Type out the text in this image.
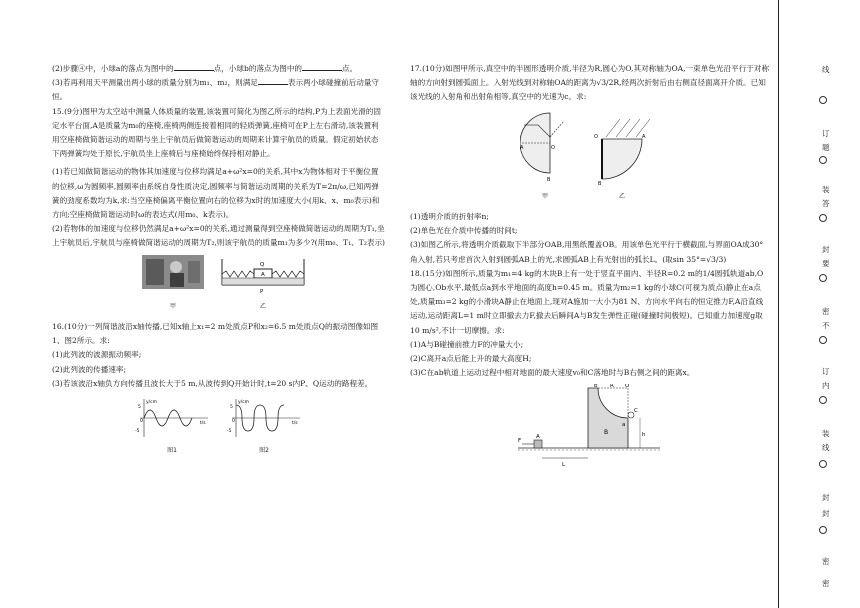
(2)步骤④中，小球a的落点为图中的	点，小球b的落点为图中的	点。

(3)若再利用天平测量出两小球的质量分别为m₁、m₂，则满足	表示两小球碰撞前后动量守恒。

15.(9分)图甲为太空站中测量人体质量的装置,该装置可简化为图乙所示的结构,P为上表面光滑的固定水平台面,A是质量为m₀的座椅,座椅两侧连接着相同的轻质弹簧,座椅可在P上左右滑动,该装置利用空座椅做简谐运动的周期与坐上宇航员后做简谐运动的周期来计算宇航员的质量。假定初始状态下两弹簧均处于原长,宇航员坐上座椅后与座椅始终保持相对静止。

(1)若已知做简谐运动的物体其加速度与位移均满足a+ω²x=0的关系,其中x为物体相对于平衡位置的位移,ω为圆频率,圆频率由系统自身性质决定,圆频率与简谐运动周期的关系为T=2π/ω,已知两弹簧的劲度系数均为k,求:当空座椅偏离平衡位置向右的位移为x时的加速度大小(用k、x、m₀表示)和方向;空座椅做简谐运动时ω的表达式(用m₀、k表示)。

(2)若物体的加速度与位移仍然满足a+ω²x=0的关系,通过测量得到空座椅做简谐运动的周期为T₁,坐上宇航员后,宇航员与座椅做简谐运动的周期为T₂,则该宇航员的质量m₁为多少?(用m₀、T₁、T₂表示)

甲
Q
A
P
乙

16.(10分)一列简谐波沿x轴传播,已知x轴上x₁=2 m处质点P和x₂=6.5 m处质点Q的振动图像如图1、图2所示。求:

(1)此列波的波源振动频率;

(2)此列波的传播速率;

(3)若该波沿x轴负方向传播且波长大于5 m,从波传到Q开始计时,t=20 s内P、Q运动的路程差。

y/cm
t/s
5
-5
0
图1
y/cm
t/s
5
-5
0
图2

17.(10分)如图甲所示,真空中的半圆形透明介质,半径为R,圆心为O,其对称轴为OA,一束单色光沿平行于对称轴的方向射到圆弧面上。入射光线到对称轴OA的距离为√3/2R,经两次折射后由右侧直径面离开介质。已知该光线的入射角和出射角相等,真空中的光速为c。求:

A	O
B
甲
O	A
B
乙

(1)透明介质的折射率n;

(2)单色光在介质中传播的时间t;

(3)如图乙所示,将透明介质截取下半部分OAB,用黑纸覆盖OB。用该单色光平行于横截面,与界面OA成30°角入射,若只考虑首次入射到圆弧AB上的光,求圆弧AB上有光射出的弧长L。(取sin 35°=√3/3)

18.(15分)如图所示,质量为m₁=4 kg的木块B上有一处于竖直平面内、半径R=0.2 m的1/4圆弧轨道ab,O为圆心,Ob水平,最低点a到水平地面的高度h=0.45 m。质量为m₂=1 kg的小球C(可视为质点)静止在a点处,质量m₃=2 kg的小滑块A静止在地面上,现对A施加一大小为81 N、方向水平向右的恒定推力F,A沿直线运动,运动距离L=1 m时立即撤去力F,撤去后瞬间A与B发生弹性正碰(碰撞时间极短)。已知重力加速度g取10 m/s²,不计一切摩擦。求:

(1)A与B碰撞前推力F的冲量大小;

(2)C离开a点后能上升的最大高度H;

(3)C在ab轨道上运动过程中相对地面的最大速度v₀和C落地时与B右侧之间的距离x。

b R O
C
F
A
B
a
h
L
线
订
题
装
答
封
要
密
不
订
内
装
线
封
封
密
密
